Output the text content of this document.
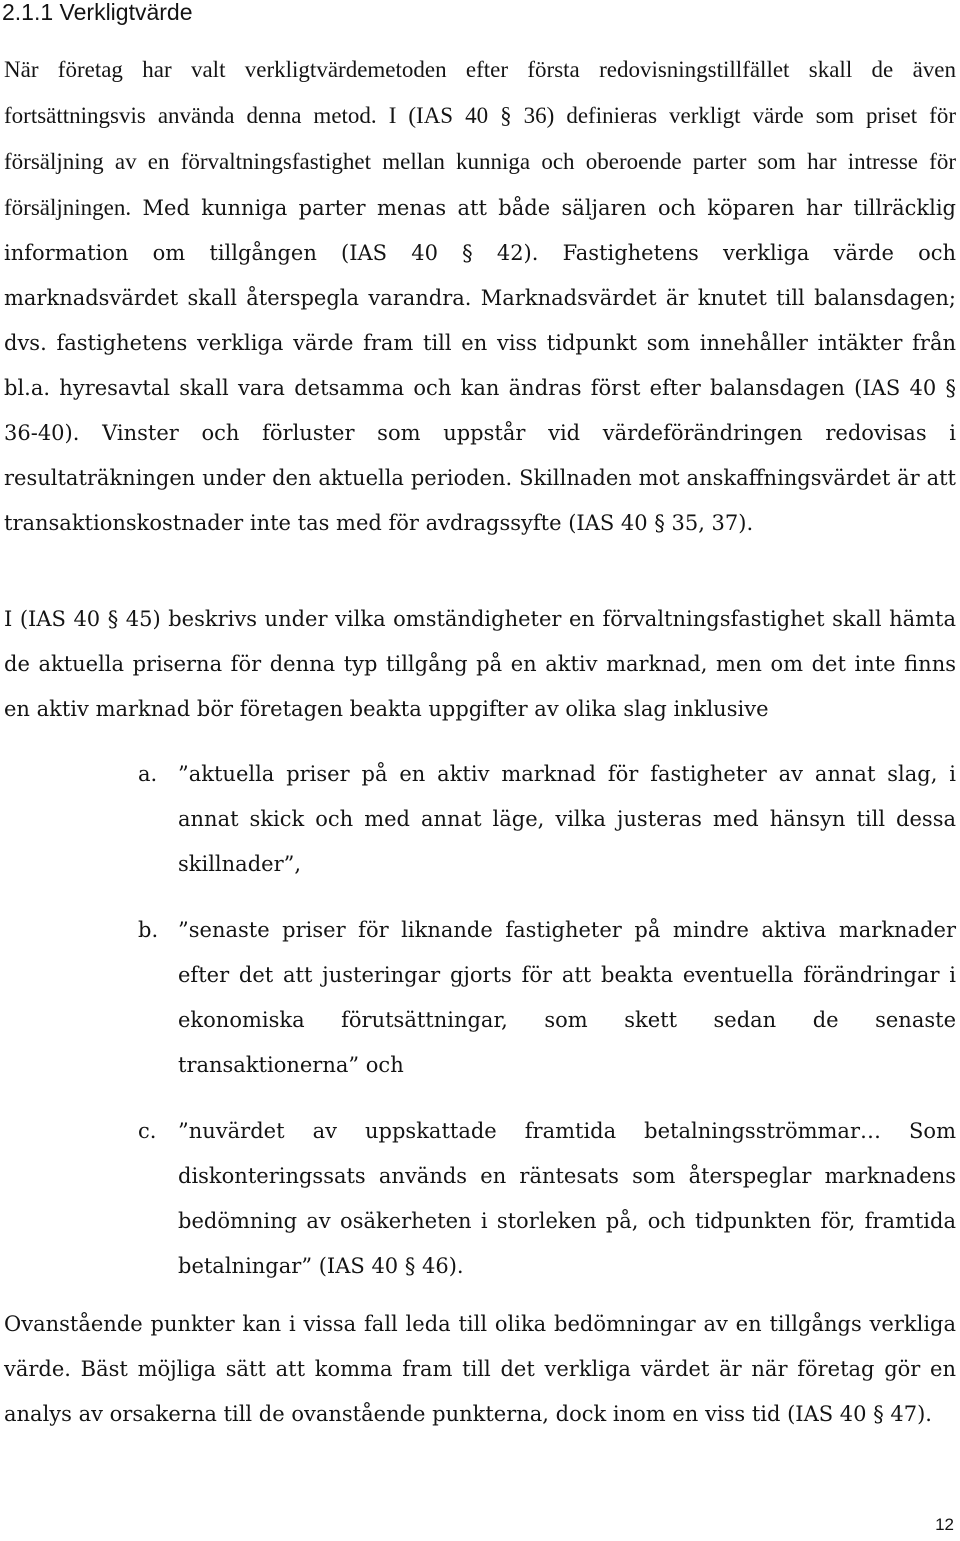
2.1.1 Verkligtvärde

När företag har valt verkligtvärdemetoden efter första redovisningstillfället skall de även fortsättningsvis använda denna metod. I (IAS 40 § 36) definieras verkligt värde som priset för försäljning av en förvaltningsfastighet mellan kunniga och oberoende parter som har intresse för försäljningen. Med kunniga parter menas att både säljaren och köparen har tillräcklig information om tillgången (IAS 40 § 42). Fastighetens verkliga värde och marknadsvärdet skall återspegla varandra. Marknadsvärdet är knutet till balansdagen; dvs. fastighetens verkliga värde fram till en viss tidpunkt som innehåller intäkter från bl.a. hyresavtal skall vara detsamma och kan ändras först efter balansdagen (IAS 40 § 36-40). Vinster och förluster som uppstår vid värdeförändringen redovisas i resultaträkningen under den aktuella perioden. Skillnaden mot anskaffningsvärdet är att transaktionskostnader inte tas med för avdragssyfte (IAS 40 § 35, 37).

I (IAS 40 § 45) beskrivs under vilka omständigheter en förvaltningsfastighet skall hämta de aktuella priserna för denna typ tillgång på en aktiv marknad, men om det inte finns en aktiv marknad bör företagen beakta uppgifter av olika slag inklusive

a. ”aktuella priser på en aktiv marknad för fastigheter av annat slag, i annat skick och med annat läge, vilka justeras med hänsyn till dessa skillnader”,
b. ”senaste priser för liknande fastigheter på mindre aktiva marknader efter det att justeringar gjorts för att beakta eventuella förändringar i ekonomiska förutsättningar, som skett sedan de senaste transaktionerna” och
c. ”nuvärdet av uppskattade framtida betalningsströmmar… Som diskonteringssats används en räntesats som återspeglar marknadens bedömning av osäkerheten i storleken på, och tidpunkten för, framtida betalningar” (IAS 40 § 46).

Ovanstående punkter kan i vissa fall leda till olika bedömningar av en tillgångs verkliga värde. Bäst möjliga sätt att komma fram till det verkliga värdet är när företag gör en analys av orsakerna till de ovanstående punkterna, dock inom en viss tid (IAS 40 § 47).

12
